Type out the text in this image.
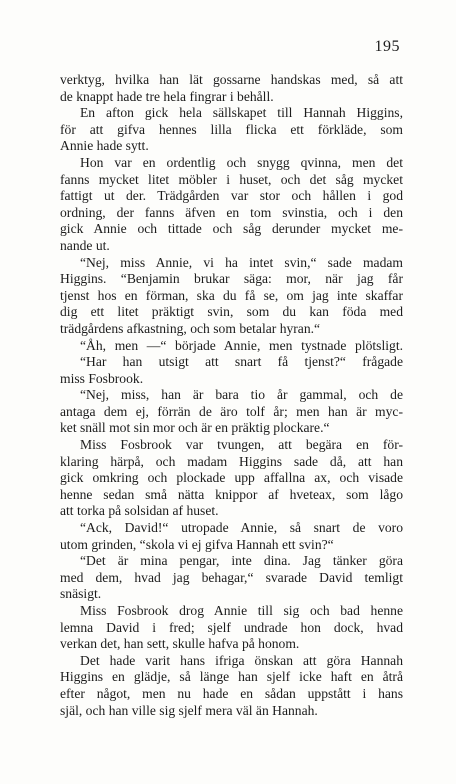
195
verktyg, hvilka han lät gossarne handskas med, så att
de knappt hade tre hela fingrar i behåll.
En afton gick hela sällskapet till Hannah Higgins,
för att gifva hennes lilla flicka ett förkläde, som
Annie hade sytt.
Hon var en ordentlig och snygg qvinna, men det
fanns mycket litet möbler i huset, och det såg mycket
fattigt ut der. Trädgården var stor och hållen i god
ordning, der fanns äfven en tom svinstia, och i den
gick Annie och tittade och såg derunder mycket me-
nande ut.
“Nej, miss Annie, vi ha intet svin,“ sade madam
Higgins. “Benjamin brukar säga: mor, när jag får
tjenst hos en förman, ska du få se, om jag inte skaffar
dig ett litet präktigt svin, som du kan föda med
trädgårdens afkastning, och som betalar hyran.“
“Åh, men —“ började Annie, men tystnade plötsligt.
“Har han utsigt att snart få tjenst?“ frågade
miss Fosbrook.
“Nej, miss, han är bara tio år gammal, och de
antaga dem ej, förrän de äro tolf år; men han är myc-
ket snäll mot sin mor och är en präktig plockare.“
Miss Fosbrook var tvungen, att begära en för-
klaring härpå, och madam Higgins sade då, att han
gick omkring och plockade upp affallna ax, och visade
henne sedan små nätta knippor af hveteax, som lågo
att torka på solsidan af huset.
“Ack, David!“ utropade Annie, så snart de voro
utom grinden, “skola vi ej gifva Hannah ett svin?“
“Det är mina pengar, inte dina. Jag tänker göra
med dem, hvad jag behagar,“ svarade David temligt
snäsigt.
Miss Fosbrook drog Annie till sig och bad henne
lemna David i fred; sjelf undrade hon dock, hvad
verkan det, han sett, skulle hafva på honom.
Det hade varit hans ifriga önskan att göra Hannah
Higgins en glädje, så länge han sjelf icke haft en åtrå
efter något, men nu hade en sådan uppstått i hans
själ, och han ville sig sjelf mera väl än Hannah.
